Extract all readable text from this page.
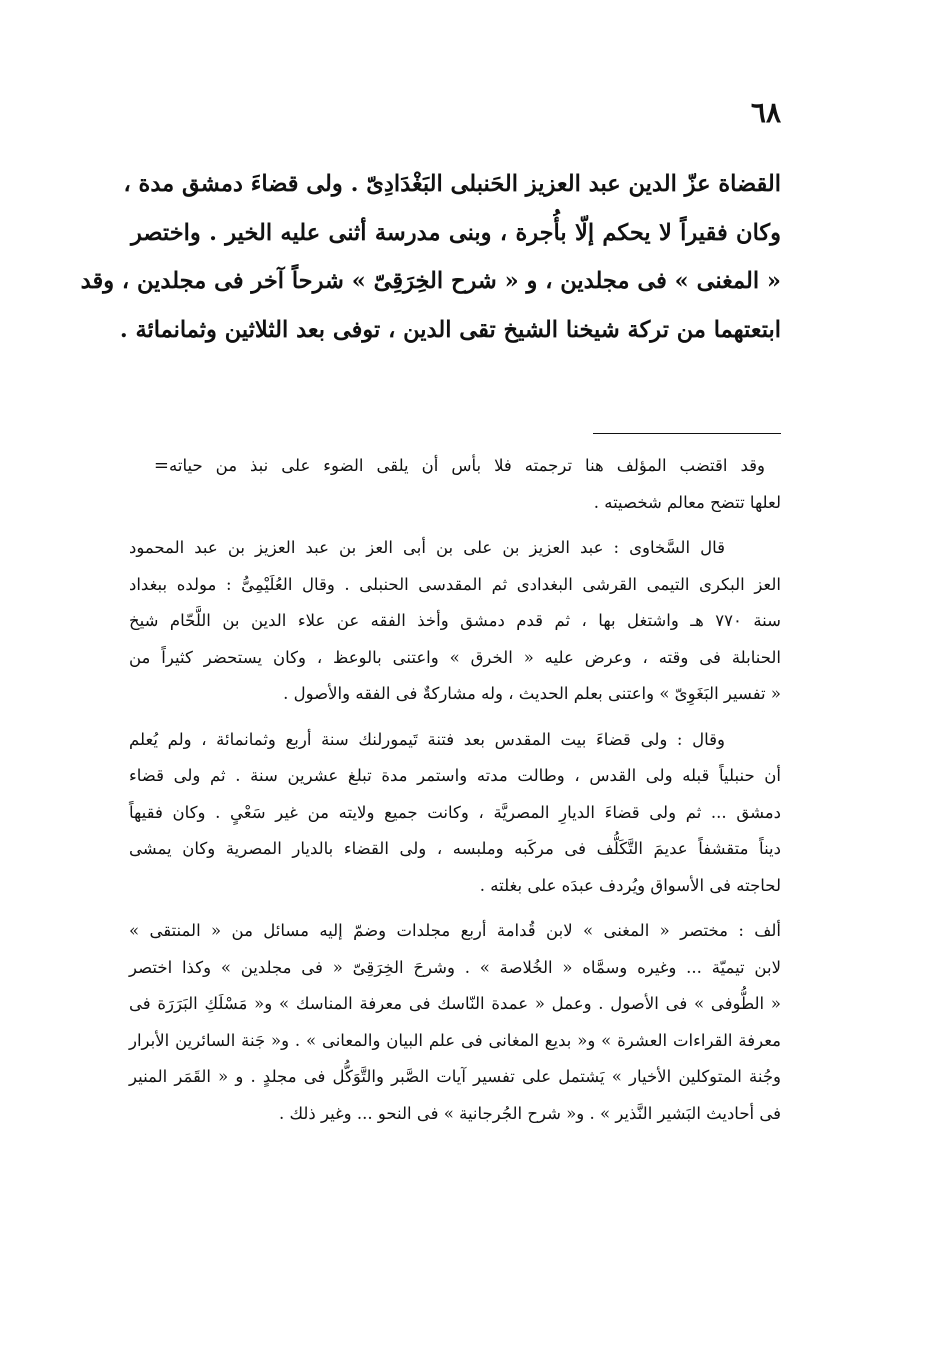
٦٨
القضاة عزّ الدين عبد العزيز الحَنبلى البَغْدَادِىّ . ولى قضاءَ دمشق مدة ،
وكان فقيراً لا يحكم إلّا بأُجرة ، وبنى مدرسة أثنى عليه الخير . واختصر
« المغنى » فى مجلدين ، و « شرح الخِرَقِىّ » شرحاً آخر فى مجلدين ، وقد
ابتعتهما من تركة شيخنا الشيخ تقى الدين ، توفى بعد الثلاثين وثمانمائة .
وقد اقتضب المؤلف هنا ترجمته فلا بأس أن يلقى الضوء على نبذ من حياته
=
لعلها تتضح معالم شخصيته .
قال السَّخاوى : عبد العزيز بن على بن أبى العز بن عبد العزيز بن عبد المحمود
العز البكرى التيمى القرشى البغدادى ثم المقدسى الحنبلى . وقال العُلَيْمِىُّ : مولده ببغداد
سنة ٧٧٠ هـ واشتغل بها ، ثم قدم دمشق وأخذ الفقه عن علاء الدين بن اللَّحّام شيخ
الحنابلة فى وقته ، وعرض عليه « الخرق » واعتنى بالوعظ ، وكان يستحضر كثيراً من
« تفسير البَغَوِىّ » واعتنى بعلم الحديث ، وله مشاركةٌ فى الفقه والأصول .
وقال : ولى قضاءَ بيت المقدس بعد فتنة تَيمورلنك سنة أربع وثمانمائة ، ولم يُعلم
أن حنبلياً قبله ولى القدس ، وطالت مدته واستمر مدة تبلغ عشرين سنة . ثم ولى قضاء
دمشق ... ثم ولى قضاءَ الديارِ المصريَّة ، وكانت جميع ولايته من غير سَعْىٍ . وكان فقيهاً
ديناً متقشفاً عديمَ التَّكَلُّف فى مركَبه وملبسه ، ولى القضاء بالديار المصرية وكان يمشى
لحاجته فى الأسواق ويُردف عبدَه على بغلته .
ألف : مختصر « المغنى » لابن قُدامة أربع مجلدات وضمّ إليه مسائل من « المنتقى »
لابن تيميّة ... وغيره وسمَّاه « الخُلاصة » . وشرحَ الخِرَقِىّ « فى مجلدين » وكذا اختصر
« الطُّوفى » فى الأصول . وعمل « عمدة النّاسك فى معرفة المناسك » و« مَسْلَكِ البَرَرَة فى
معرفة القراءات العشرة » و« بديع المغانى فى علم البيان والمعانى » . و« جَنة السائرين الأبرار
وجُنة المتوكلين الأخيار » يَشتمل على تفسير آيات الصَّبر والتَّوَكُّل فى مجلدٍ . و « القَمَر المنير
فى أحاديث البَشير النَّذير » . و« شرح الجُرجانية » فى النحو ... وغير ذلك .
